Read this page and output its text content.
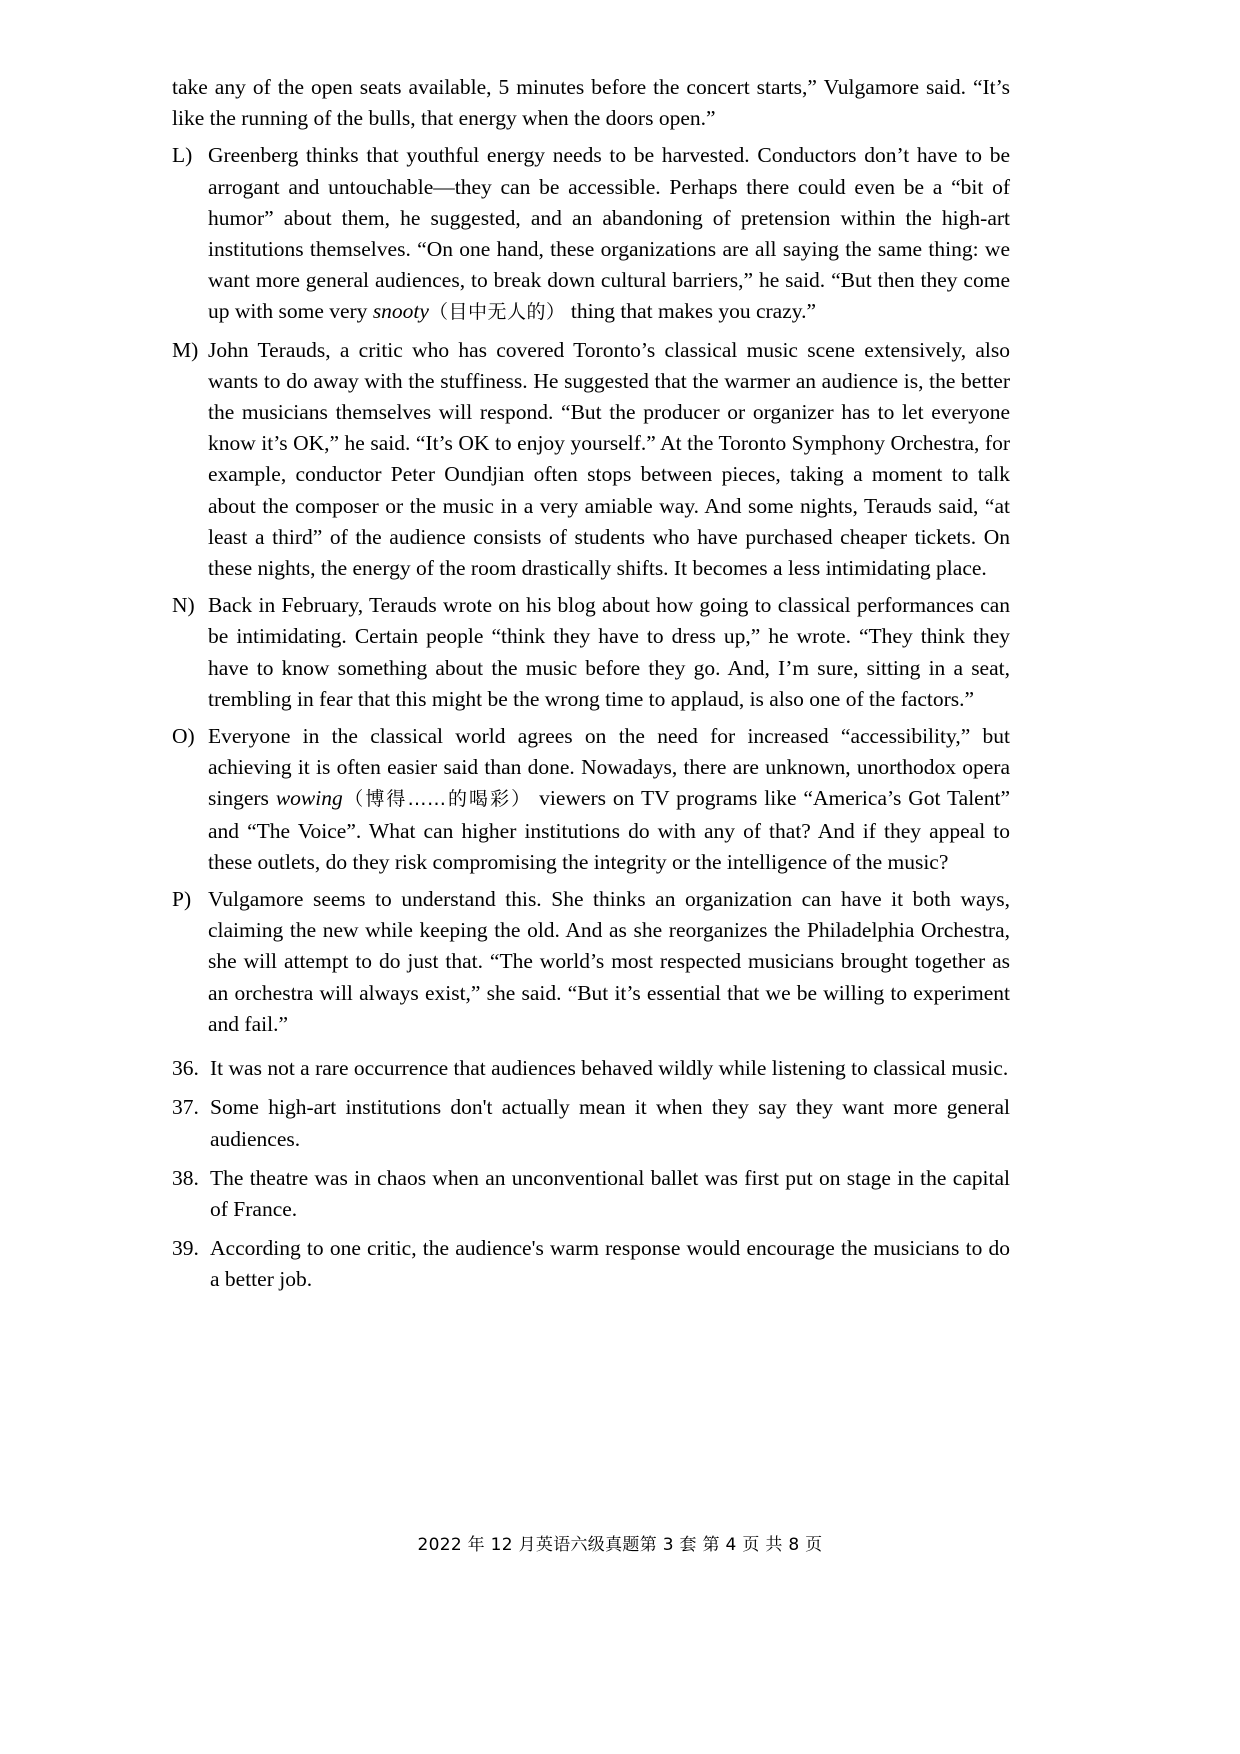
take any of the open seats available, 5 minutes before the concert starts,” Vulgamore said. “It’s like the running of the bulls, that energy when the doors open.”
L) Greenberg thinks that youthful energy needs to be harvested. Conductors don’t have to be arrogant and untouchable—they can be accessible. Perhaps there could even be a “bit of humor” about them, he suggested, and an abandoning of pretension within the high-art institutions themselves. “On one hand, these organizations are all saying the same thing: we want more general audiences, to break down cultural barriers,” he said. “But then they come up with some very snooty（目中无人的） thing that makes you crazy.”
M) John Terauds, a critic who has covered Toronto’s classical music scene extensively, also wants to do away with the stuffiness. He suggested that the warmer an audience is, the better the musicians themselves will respond. “But the producer or organizer has to let everyone know it’s OK,” he said. “It’s OK to enjoy yourself.” At the Toronto Symphony Orchestra, for example, conductor Peter Oundjian often stops between pieces, taking a moment to talk about the composer or the music in a very amiable way. And some nights, Terauds said, “at least a third” of the audience consists of students who have purchased cheaper tickets. On these nights, the energy of the room drastically shifts. It becomes a less intimidating place.
N) Back in February, Terauds wrote on his blog about how going to classical performances can be intimidating. Certain people “think they have to dress up,” he wrote. “They think they have to know something about the music before they go. And, I’m sure, sitting in a seat, trembling in fear that this might be the wrong time to applaud, is also one of the factors.”
O) Everyone in the classical world agrees on the need for increased “accessibility,” but achieving it is often easier said than done. Nowadays, there are unknown, unorthodox opera singers wowing（博得……的喝彩） viewers on TV programs like “America’s Got Talent” and “The Voice”. What can higher institutions do with any of that? And if they appeal to these outlets, do they risk compromising the integrity or the intelligence of the music?
P) Vulgamore seems to understand this. She thinks an organization can have it both ways, claiming the new while keeping the old. And as she reorganizes the Philadelphia Orchestra, she will attempt to do just that. “The world’s most respected musicians brought together as an orchestra will always exist,” she said. “But it’s essential that we be willing to experiment and fail.”
36. It was not a rare occurrence that audiences behaved wildly while listening to classical music.
37. Some high-art institutions don't actually mean it when they say they want more general audiences.
38. The theatre was in chaos when an unconventional ballet was first put on stage in the capital of France.
39. According to one critic, the audience's warm response would encourage the musicians to do a better job.
2022 年 12 月英语六级真题第 3 套 第 4 页 共 8 页
